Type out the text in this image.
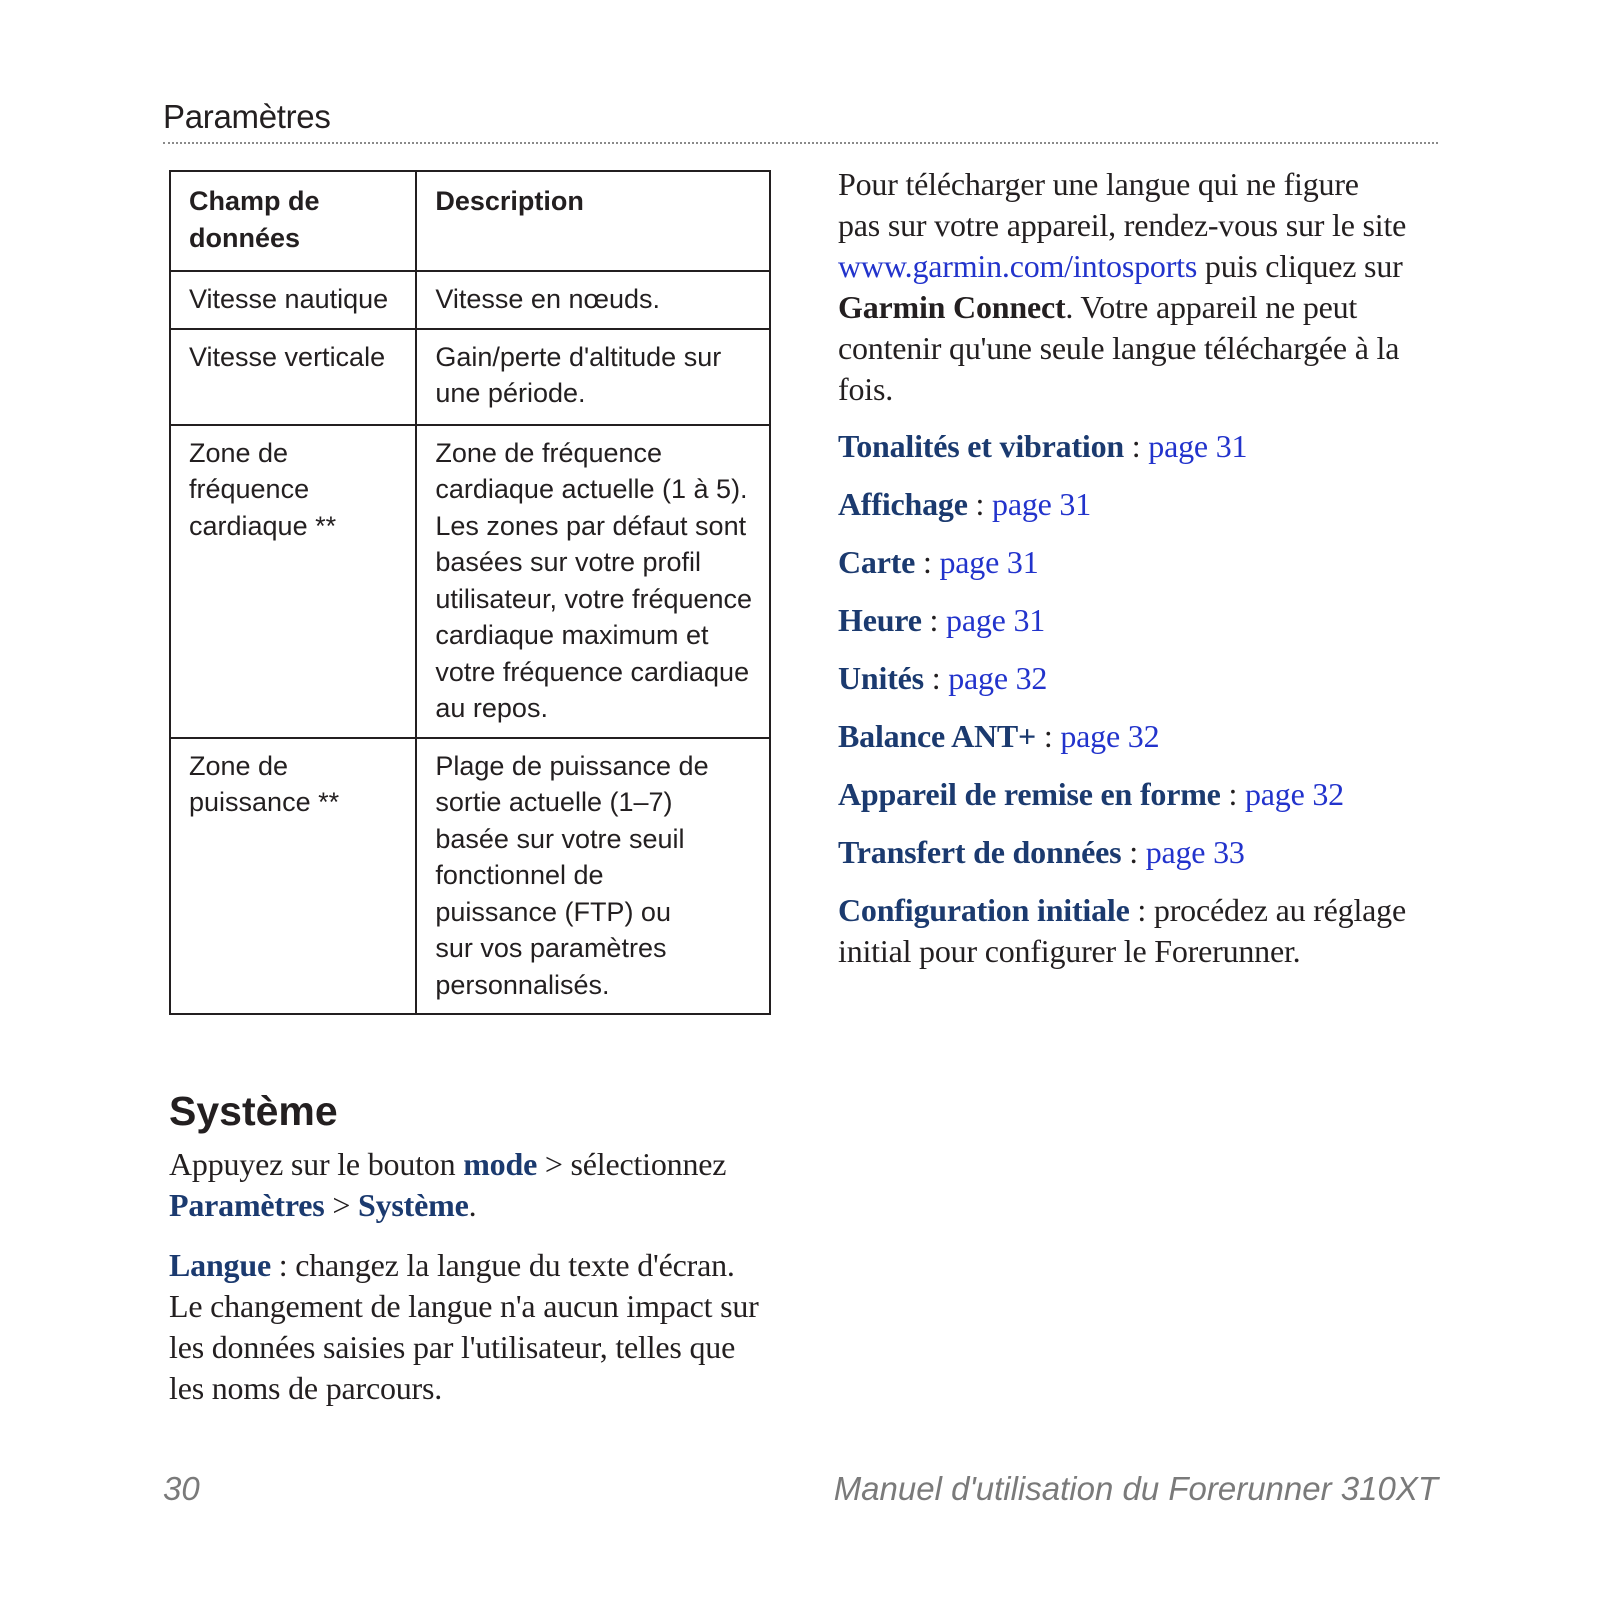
Paramètres
Champ de données	Description
Vitesse nautique	Vitesse en nœuds.
Vitesse verticale	Gain/perte d'altitude sur une période.
Zone de fréquence cardiaque **	Zone de fréquence cardiaque actuelle (1 à 5). Les zones par défaut sont basées sur votre profil utilisateur, votre fréquence cardiaque maximum et votre fréquence cardiaque au repos.
Zone de puissance **	Plage de puissance de sortie actuelle (1–7) basée sur votre seuil fonctionnel de puissance (FTP) ou sur vos paramètres personnalisés.
Système

Appuyez sur le bouton mode > sélectionnez Paramètres > Système.

Langue : changez la langue du texte d'écran. Le changement de langue n'a aucun impact sur les données saisies par l'utilisateur, telles que les noms de parcours.

Pour télécharger une langue qui ne figure pas sur votre appareil, rendez-vous sur le site www.garmin.com/intosports puis cliquez sur Garmin Connect. Votre appareil ne peut contenir qu'une seule langue téléchargée à la fois.

Tonalités et vibration : page 31

Affichage : page 31

Carte : page 31

Heure : page 31

Unités : page 32

Balance ANT+ : page 32

Appareil de remise en forme : page 32

Transfert de données : page 33

Configuration initiale : procédez au réglage initial pour configurer le Forerunner.

30	Manuel d'utilisation du Forerunner 310XT
